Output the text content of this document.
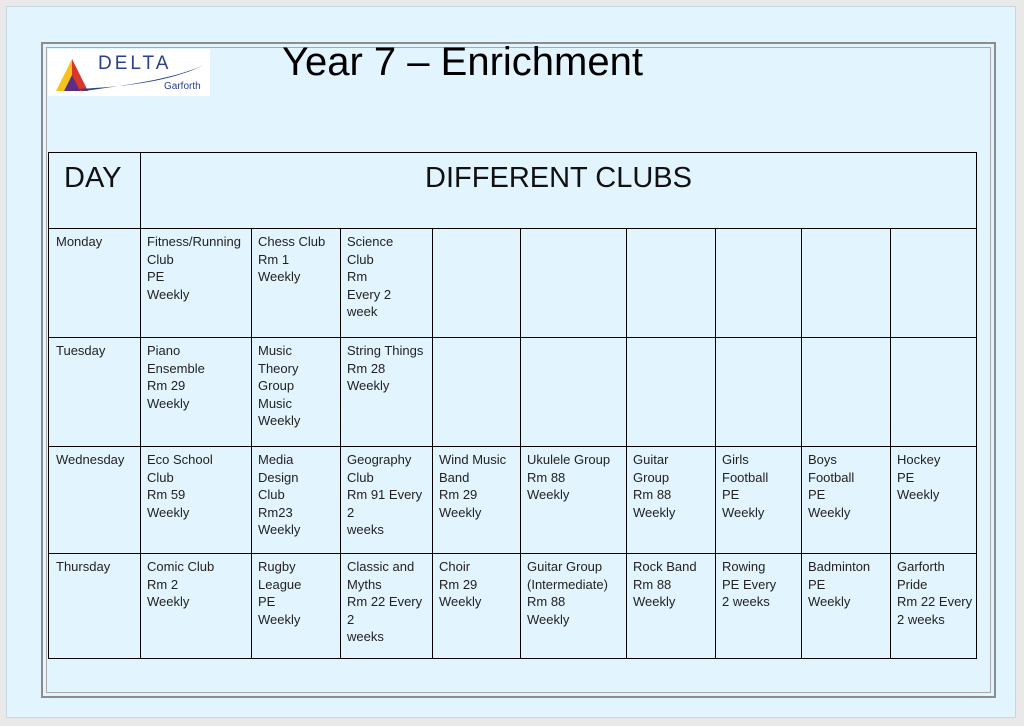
DELTA
Garforth
Year 7 – Enrichment
DAY	DIFFERENT CLUBS								
Monday	Fitness/Running
Club
PE
Weekly	Chess Club
Rm 1
Weekly	Science
Club
Rm
Every 2
week						

Tuesday	Piano
Ensemble
Rm 29
Weekly	Music
Theory
Group
Music
Weekly	String Things
Rm 28
Weekly						

Wednesday	Eco School
Club
Rm 59
Weekly	Media
Design
Club
Rm23
Weekly	Geography
Club
Rm 91 Every
2
weeks	Wind Music
Band
Rm 29
Weekly	Ukulele Group
Rm 88
Weekly	Guitar
Group
Rm 88
Weekly	Girls
Football
PE
Weekly	Boys
Football
PE
Weekly	Hockey
PE
Weekly

Thursday	Comic Club
Rm 2
Weekly	Rugby
League
PE
Weekly	Classic and
Myths
Rm 22 Every
2
weeks	Choir
Rm 29
Weekly	Guitar Group
(Intermediate)
Rm 88
Weekly	Rock Band
Rm 88
Weekly	Rowing
PE Every
2 weeks	Badminton
PE
Weekly	Garforth
Pride
Rm 22 Every
2 weeks
